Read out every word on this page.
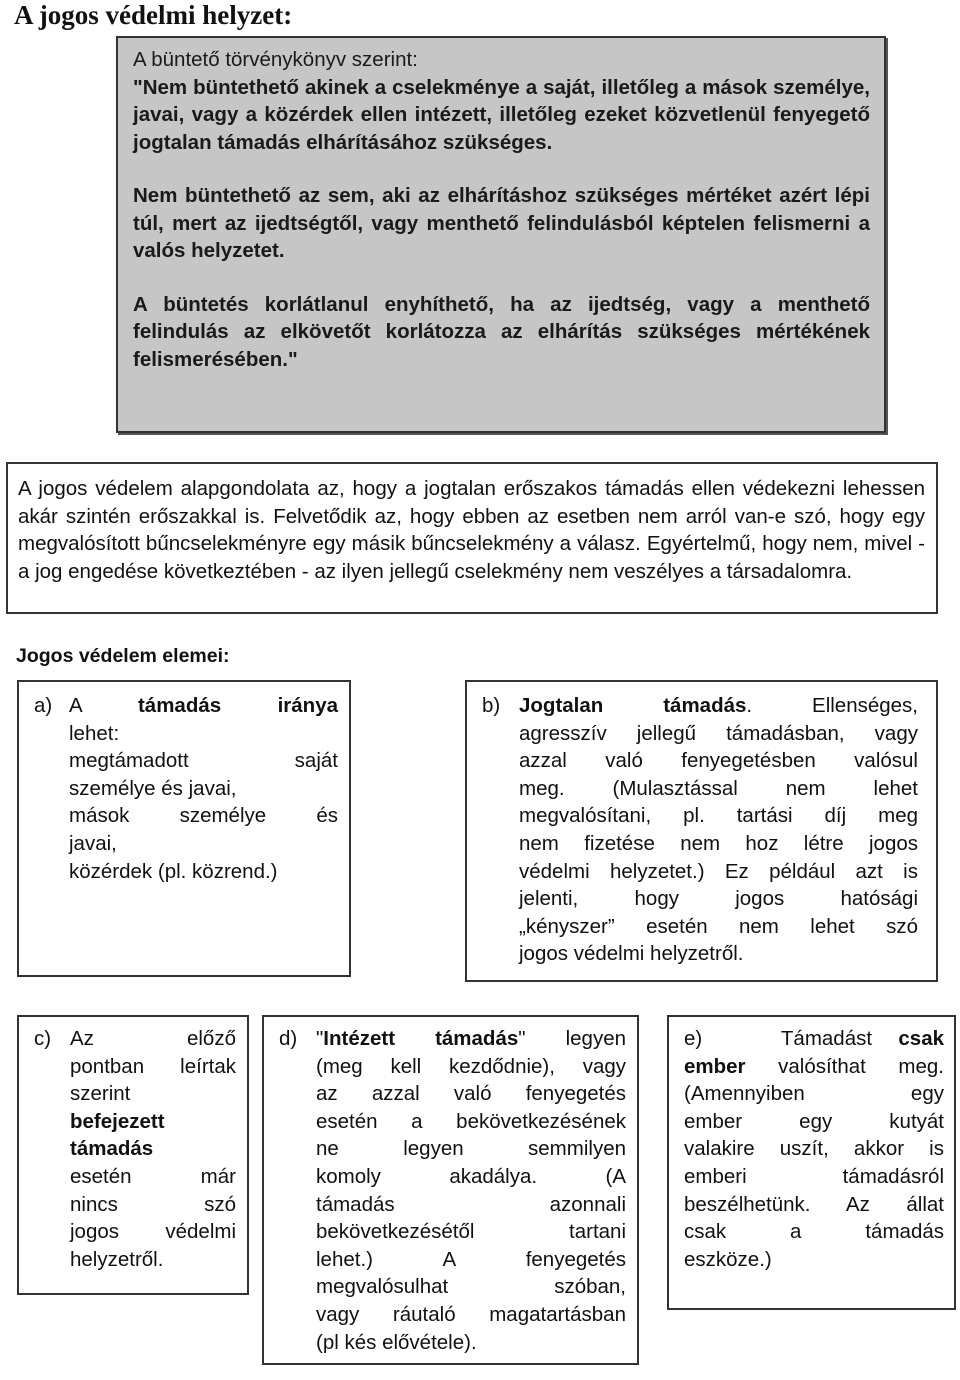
A jogos védelmi helyzet:

A büntető törvénykönyv szerint:

"Nem büntethető akinek a cselekménye a saját, illetőleg a mások személye, javai, vagy a közérdek ellen intézett, illetőleg ezeket közvetlenül fenyegető jogtalan támadás elhárításához szükséges.

Nem büntethető az sem, aki az elhárításhoz szükséges mértéket azért lépi túl, mert az ijedtségtől, vagy menthető felindulásból képtelen felismerni a valós helyzetet.

A büntetés korlátlanul enyhíthető, ha az ijedtség, vagy a menthető felindulás az elkövetőt korlátozza az elhárítás szükséges mértékének felismerésében."

A jogos védelem alapgondolata az, hogy a jogtalan erőszakos támadás ellen védekezni lehessen akár szintén erőszakkal is. Felvetődik az, hogy ebben az esetben nem arról van-e szó, hogy egy megvalósított bűncselekményre egy másik bűncselekmény a válasz. Egyértelmű, hogy nem, mivel - a jog engedése következtében - az ilyen jellegű cselekmény nem veszélyes a társadalomra.

Jogos védelem elemei:

a) A támadás	iránya
lehet:
megtámadott saját
személye és javai,
mások személye és
javai,
közérdek (pl. közrend.)

b) Jogtalan támadás. Ellenséges,
agresszív jellegű támadásban, vagy
azzal való fenyegetésben valósul
meg. (Mulasztással nem lehet
megvalósítani, pl. tartási díj meg
nem fizetése nem hoz létre jogos
védelmi helyzetet.) Ez például azt is
jelenti, hogy jogos hatósági
„kényszer” esetén nem lehet szó
jogos védelmi helyzetről.

c) Az előző
pontban leírtak
szerint
befejezett
támadás
esetén már
nincs szó
jogos védelmi
helyzetről.

d) "Intézett támadás" legyen
(meg kell kezdődnie), vagy
az azzal való fenyegetés
esetén a bekövetkezésének
ne legyen semmilyen
komoly akadálya. (A
támadás azonnali
bekövetkezésétől tartani
lehet.) A fenyegetés
megvalósulhat szóban,
vagy ráutaló magatartásban
(pl kés elővétele).

e)	Támadást csak
ember valósíthat meg.
(Amennyiben egy
ember egy kutyát
valakire uszít, akkor is
emberi támadásról
beszélhetünk. Az állat
csak a támadás
eszköze.)
